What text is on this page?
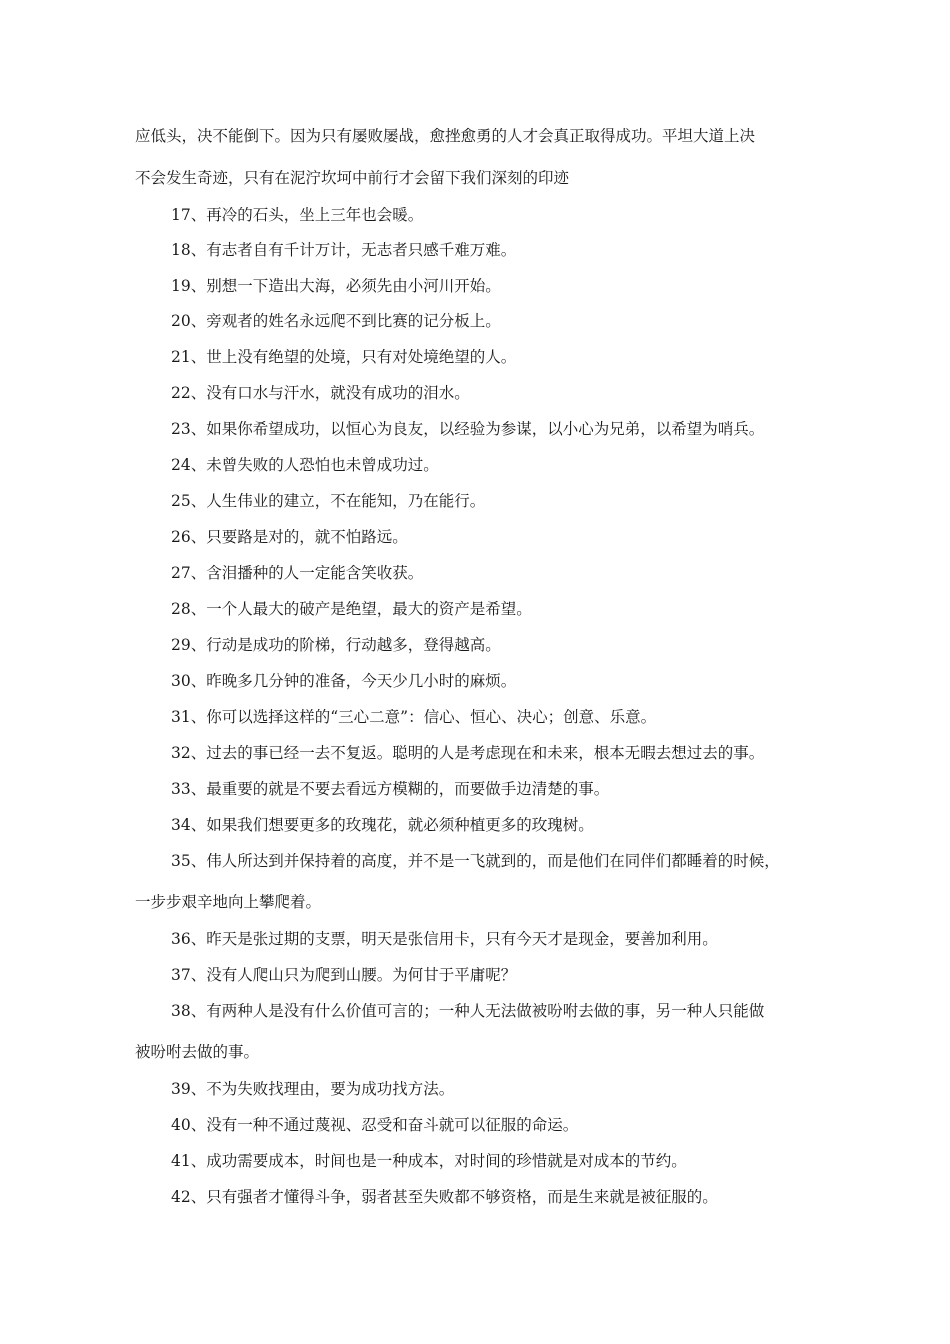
应低头，决不能倒下。因为只有屡败屡战，愈挫愈勇的人才会真正取得成功。平坦大道上决
不会发生奇迹，只有在泥泞坎坷中前行才会留下我们深刻的印迹
17、再冷的石头，坐上三年也会暖。
18、有志者自有千计万计，无志者只感千难万难。
19、别想一下造出大海，必须先由小河川开始。
20、旁观者的姓名永远爬不到比赛的记分板上。
21、世上没有绝望的处境，只有对处境绝望的人。
22、没有口水与汗水，就没有成功的泪水。
23、如果你希望成功，以恒心为良友，以经验为参谋，以小心为兄弟，以希望为哨兵。
24、未曾失败的人恐怕也未曾成功过。
25、人生伟业的建立，不在能知，乃在能行。
26、只要路是对的，就不怕路远。
27、含泪播种的人一定能含笑收获。
28、一个人最大的破产是绝望，最大的资产是希望。
29、行动是成功的阶梯，行动越多，登得越高。
30、昨晚多几分钟的准备，今天少几小时的麻烦。
31、你可以选择这样的“三心二意”：信心、恒心、决心；创意、乐意。
32、过去的事已经一去不复返。聪明的人是考虑现在和未来，根本无暇去想过去的事。
33、最重要的就是不要去看远方模糊的，而要做手边清楚的事。
34、如果我们想要更多的玫瑰花，就必须种植更多的玫瑰树。
35、伟人所达到并保持着的高度，并不是一飞就到的，而是他们在同伴们都睡着的时候，
一步步艰辛地向上攀爬着。
36、昨天是张过期的支票，明天是张信用卡，只有今天才是现金，要善加利用。
37、没有人爬山只为爬到山腰。为何甘于平庸呢？
38、有两种人是没有什么价值可言的；一种人无法做被吩咐去做的事，另一种人只能做
被吩咐去做的事。
39、不为失败找理由，要为成功找方法。
40、没有一种不通过蔑视、忍受和奋斗就可以征服的命运。
41、成功需要成本，时间也是一种成本，对时间的珍惜就是对成本的节约。
42、只有强者才懂得斗争，弱者甚至失败都不够资格，而是生来就是被征服的。
